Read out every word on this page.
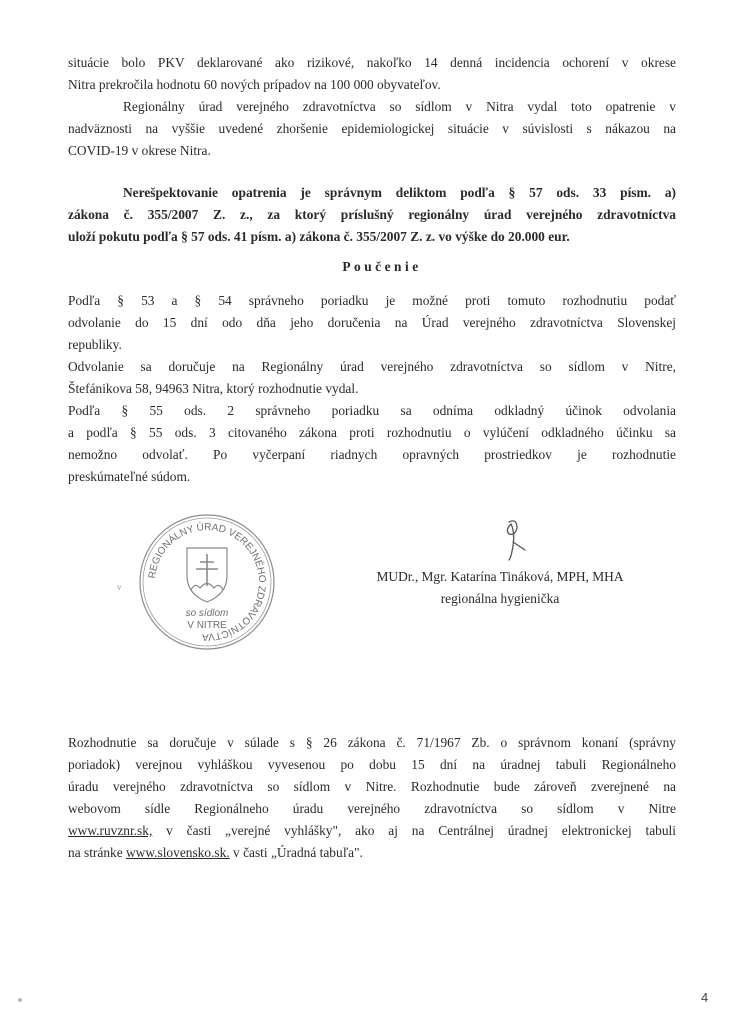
situácie bolo PKV deklarované ako rizikové, nakoľko 14 denná incidencia ochorení v okrese
Nitra prekročila hodnotu 60 nových prípadov na 100 000 obyvateľov.
Regionálny úrad verejného zdravotníctva so sídlom v Nitra vydal toto opatrenie v
nadväznosti na vyššie uvedené zhoršenie epidemiologickej situácie v súvislosti s nákazou na
COVID-19 v okrese Nitra.
Nerešpektovanie opatrenia je správnym deliktom podľa § 57 ods. 33 písm. a)
zákona č. 355/2007 Z. z., za ktorý príslušný regionálny úrad verejného zdravotníctva
uloží pokutu podľa § 57 ods. 41 písm. a) zákona č. 355/2007 Z. z. vo výške do 20.000 eur.
Poučenie
Podľa § 53 a § 54 správneho poriadku je možné proti tomuto rozhodnutiu podať
odvolanie do 15 dní odo dňa jeho doručenia na Úrad verejného zdravotníctva Slovenskej
republiky.
Odvolanie sa doručuje na Regionálny úrad verejného zdravotníctva so sídlom v Nitre,
Štefánikova 58, 94963 Nitra, ktorý rozhodnutie vydal.
Podľa § 55 ods. 2 správneho poriadku sa odníma odkladný účinok odvolania
a podľa § 55 ods. 3 citovaného zákona proti rozhodnutiu o vylúčení odkladného účinku sa
nemožno odvolať. Po vyčerpaní riadnych opravných prostriedkov je rozhodnutie
preskúmateľné súdom.
REGIONÁLNY ÚRAD VEREJNÉHO ZDRAVOTNÍCTVA
so sídlom
V NITRE
v
MUDr., Mgr. Katarína Tináková, MPH, MHA
regionálna hygienička
Rozhodnutie sa doručuje v súlade s § 26 zákona č. 71/1967 Zb. o správnom konaní (správny
poriadok) verejnou vyhláškou vyvesenou po dobu 15 dní na úradnej tabuli Regionálneho
úradu verejného zdravotníctva so sídlom v Nitre. Rozhodnutie bude zároveň zverejnené na
webovom sídle Regionálneho úradu verejného zdravotníctva so sídlom v Nitre
www.ruvznr.sk, v časti „verejné vyhlášky", ako aj na Centrálnej úradnej elektronickej tabuli
na stránke www.slovensko.sk. v časti „Úradná tabuľa".
4
